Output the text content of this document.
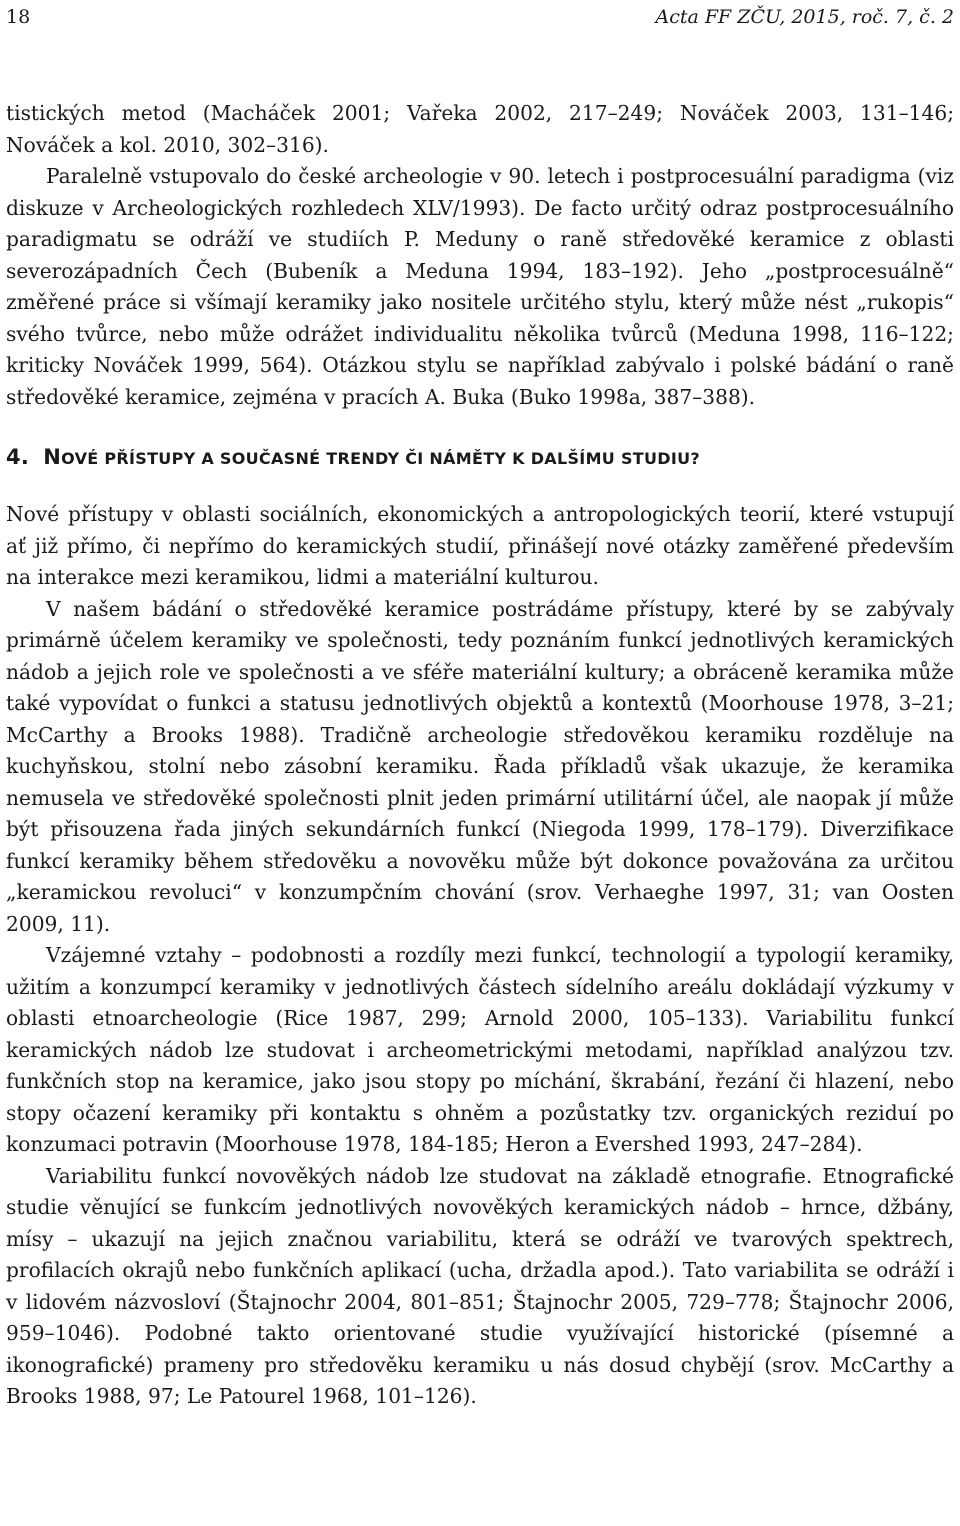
18	Acta FF ZČU, 2015, roč. 7, č. 2

tistických metod (Macháček 2001; Vařeka 2002, 217–249; Nováček 2003, 131–146; Nováček a kol. 2010, 302–316).

Paralelně vstupovalo do české archeologie v 90. letech i postprocesuální paradigma (viz diskuze v Archeologických rozhledech XLV/1993). De facto určitý odraz postprocesuálního paradigmatu se odráží ve studiích P. Meduny o raně středověké keramice z oblasti severozápadních Čech (Bubeník a Meduna 1994, 183–192). Jeho „postprocesuálně“ změřené práce si všímají keramiky jako nositele určitého stylu, který může nést „rukopis“ svého tvůrce, nebo může odrážet individualitu několika tvůrců (Meduna 1998, 116–122; kriticky Nováček 1999, 564). Otázkou stylu se například zabývalo i polské bádání o raně středověké keramice, zejména v pracích A. Buka (Buko 1998a, 387–388).

4. NOVÉ PŘÍSTUPY A SOUČASNÉ TRENDY ČI NÁMĚTY K DALŠÍMU STUDIU?

Nové přístupy v oblasti sociálních, ekonomických a antropologických teorií, které vstupují ať již přímo, či nepřímo do keramických studií, přinášejí nové otázky zaměřené především na interakce mezi keramikou, lidmi a materiální kulturou.

V našem bádání o středověké keramice postrádáme přístupy, které by se zabývaly primárně účelem keramiky ve společnosti, tedy poznáním funkcí jednotlivých keramických nádob a jejich role ve společnosti a ve sféře materiální kultury; a obráceně keramika může také vypovídat o funkci a statusu jednotlivých objektů a kontextů (Moorhouse 1978, 3–21; McCarthy a Brooks 1988). Tradičně archeologie středověkou keramiku rozděluje na kuchyňskou, stolní nebo zásobní keramiku. Řada příkladů však ukazuje, že keramika nemusela ve středověké společnosti plnit jeden primární utilitární účel, ale naopak jí může být přisouzena řada jiných sekundárních funkcí (Niegoda 1999, 178–179). Diverzifikace funkcí keramiky během středověku a novověku může být dokonce považována za určitou „keramickou revoluci“ v konzumpčním chování (srov. Verhaeghe 1997, 31; van Oosten 2009, 11).

Vzájemné vztahy – podobnosti a rozdíly mezi funkcí, technologií a typologií keramiky, užitím a konzumpcí keramiky v jednotlivých částech sídelního areálu dokládají výzkumy v oblasti etnoarcheologie (Rice 1987, 299; Arnold 2000, 105–133). Variabilitu funkcí keramických nádob lze studovat i archeometrickými metodami, například analýzou tzv. funkčních stop na keramice, jako jsou stopy po míchání, škrabání, řezání či hlazení, nebo stopy očazení keramiky při kontaktu s ohněm a pozůstatky tzv. organických reziduí po konzumaci potravin (Moorhouse 1978, 184-185; Heron a Evershed 1993, 247–284).

Variabilitu funkcí novověkých nádob lze studovat na základě etnografie. Etnografické studie věnující se funkcím jednotlivých novověkých keramických nádob – hrnce, džbány, mísy – ukazují na jejich značnou variabilitu, která se odráží ve tvarových spektrech, profilacích okrajů nebo funkčních aplikací (ucha, držadla apod.). Tato variabilita se odráží i v lidovém názvosloví (Štajnochr 2004, 801–851; Štajnochr 2005, 729–778; Štajnochr 2006, 959–1046). Podobné takto orientované studie využívající historické (písemné a ikonografické) prameny pro středověku keramiku u nás dosud chybějí (srov. McCarthy a Brooks 1988, 97; Le Patourel 1968, 101–126).
